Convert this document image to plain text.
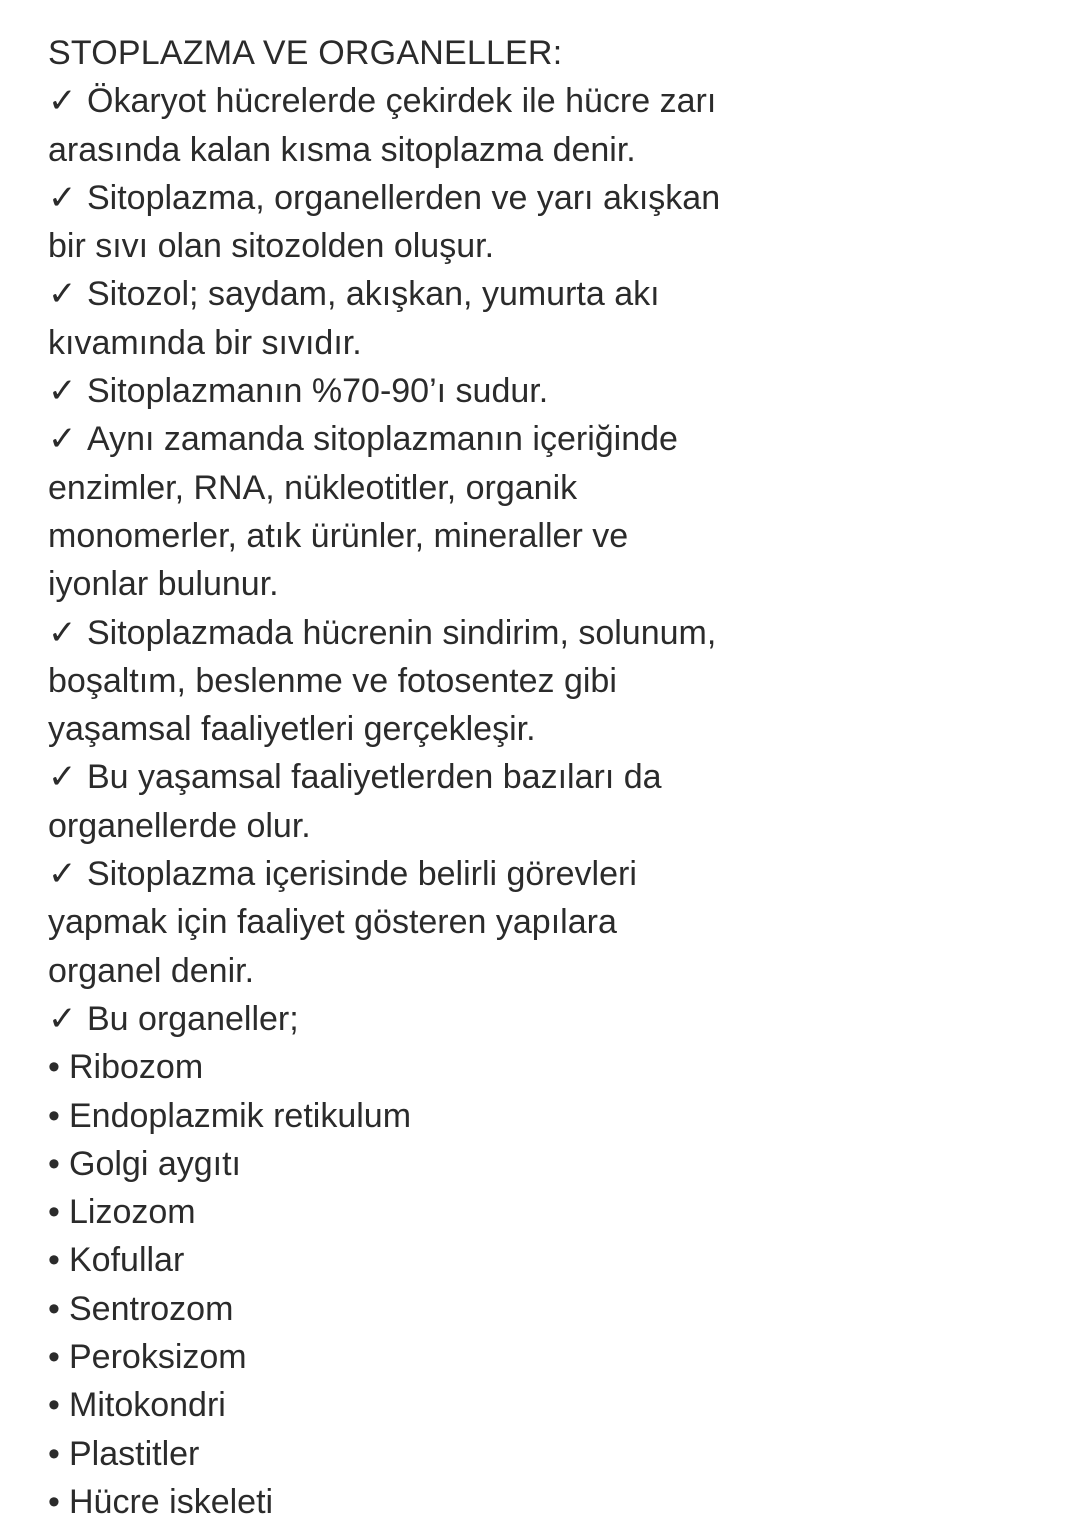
STOPLAZMA VE ORGANELLER:
✓ Ökaryot hücrelerde çekirdek ile hücre zarı
arasında kalan kısma sitoplazma denir.
✓ Sitoplazma, organellerden ve yarı akışkan
bir sıvı olan sitozolden oluşur.
✓ Sitozol; saydam, akışkan, yumurta akı
kıvamında bir sıvıdır.
✓ Sitoplazmanın %70-90’ı sudur.
✓ Aynı zamanda sitoplazmanın içeriğinde
enzimler, RNA, nükleotitler, organik
monomerler, atık ürünler, mineraller ve
iyonlar bulunur.
✓ Sitoplazmada hücrenin sindirim, solunum,
boşaltım, beslenme ve fotosentez gibi
yaşamsal faaliyetleri gerçekleşir.
✓ Bu yaşamsal faaliyetlerden bazıları da
organellerde olur.
✓ Sitoplazma içerisinde belirli görevleri
yapmak için faaliyet gösteren yapılara
organel denir.
✓ Bu organeller;
• Ribozom
• Endoplazmik retikulum
• Golgi aygıtı
• Lizozom
• Kofullar
• Sentrozom
• Peroksizom
• Mitokondri
• Plastitler
• Hücre iskeleti
